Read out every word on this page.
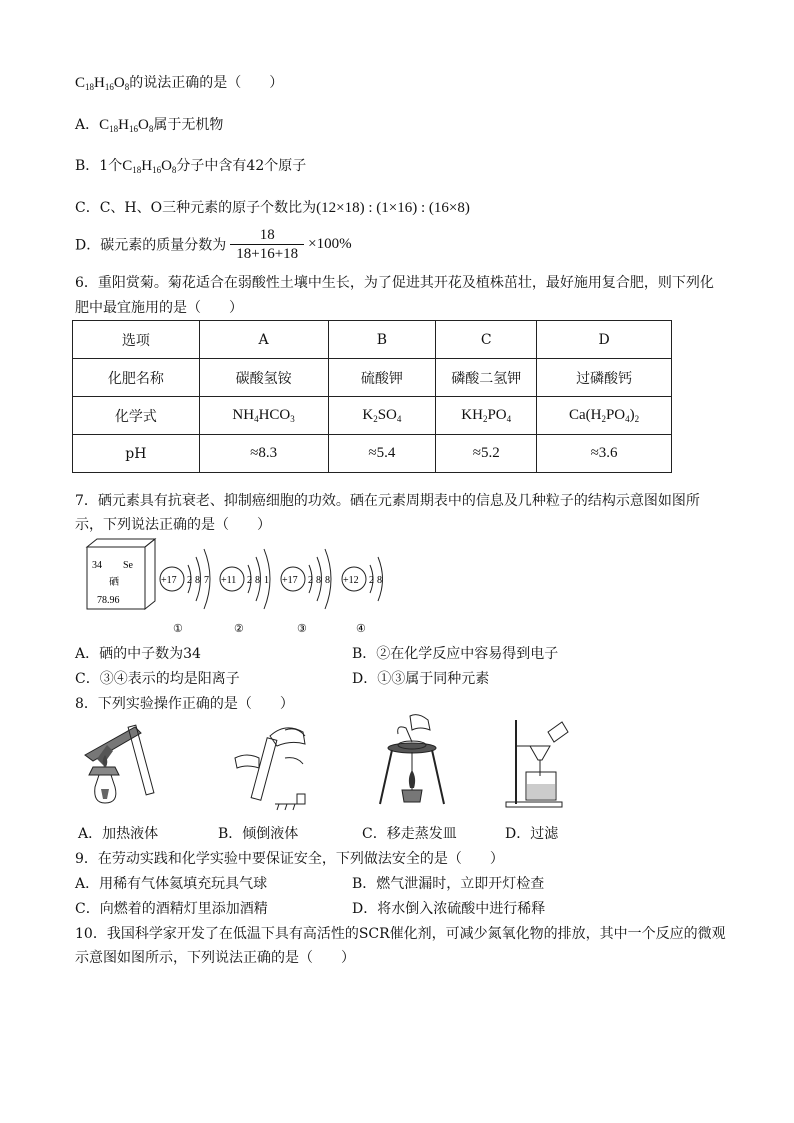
$C_{18}H_{16}O_8$的说法正确的是（　　）
A．$C_{18}H_{16}O_8$属于无机物
B．1个$C_{18}H_{16}O_8$分子中含有42个原子
C．C、H、O三种元素的原子个数比为(12×18) : (1×16) : (16×8)
D．碳元素的质量分数为 $\frac{18}{18+16+18} \times 100\%$
6．重阳赏菊。菊花适合在弱酸性土壤中生长，为了促进其开花及植株茁壮，最好施用复合肥，则下列化
肥中最宜施用的是（　　）
选项	A	B	C	D
化肥名称	碳酸氢铵	硫酸钾	磷酸二氢钾	过磷酸钙
化学式	$NH_4HCO_3$	$K_2SO_4$	$KH_2PO_4$	$Ca(H_2PO_4)_2$
pH	≈8.3	≈5.4	≈5.2	≈3.6
7．硒元素具有抗衰老、抑制癌细胞的功效。硒在元素周期表中的信息及几种粒子的结构示意图如图所
示，下列说法正确的是（　　）
34 Se
硒
78.96
+17 2 8 7
①
+11 2 8 1
②
+17 2 8 8
③
+12 2 8
④
A．硒的中子数为34	B．②在化学反应中容易得到电子
C．③④表示的均是阳离子	D．①③属于同种元素
8．下列实验操作正确的是（　　）
A．加热液体	B．倾倒液体	C．移走蒸发皿	D．过滤
9．在劳动实践和化学实验中要保证安全，下列做法安全的是（　　）
A．用稀有气体氦填充玩具气球	B．燃气泄漏时，立即开灯检查
C．向燃着的酒精灯里添加酒精	D．将水倒入浓硫酸中进行稀释
10．我国科学家开发了在低温下具有高活性的SCR催化剂，可减少氮氧化物的排放，其中一个反应的微观
示意图如图所示，下列说法正确的是（　　）
